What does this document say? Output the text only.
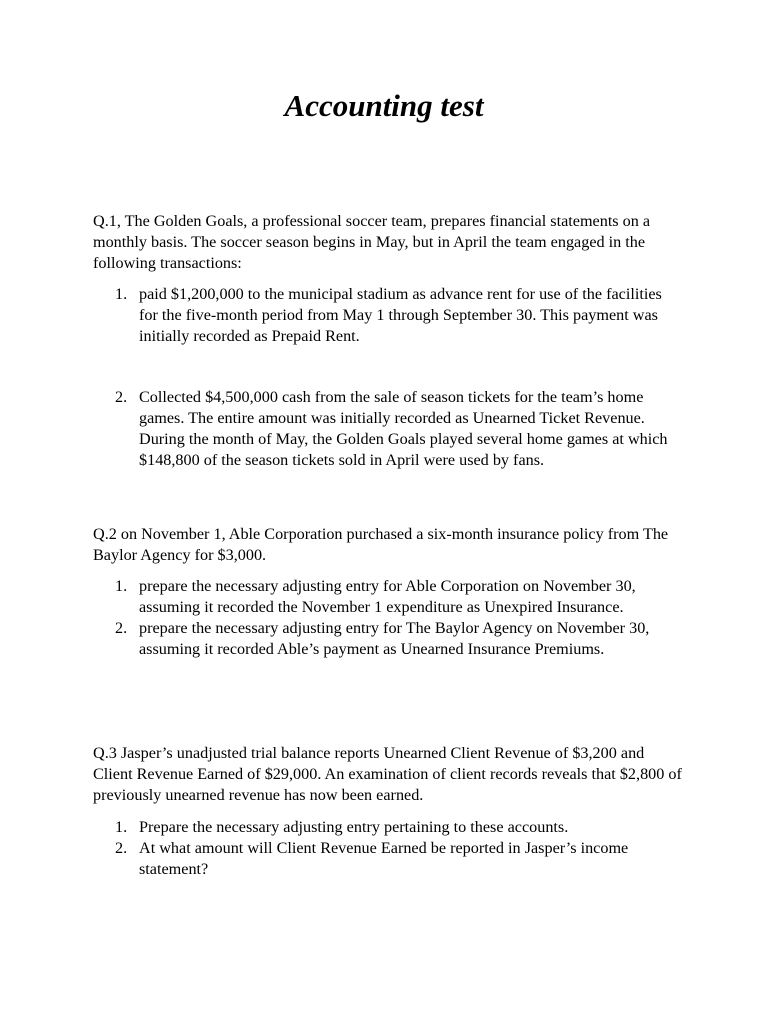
Accounting test

Q.1, The Golden Goals, a professional soccer team, prepares financial statements on a monthly basis. The soccer season begins in May, but in April the team engaged in the following transactions:

1. paid $1,200,000 to the municipal stadium as advance rent for use of the facilities for the five-month period from May 1 through September 30. This payment was initially recorded as Prepaid Rent.
2. Collected $4,500,000 cash from the sale of season tickets for the team’s home games. The entire amount was initially recorded as Unearned Ticket Revenue. During the month of May, the Golden Goals played several home games at which $148,800 of the season tickets sold in April were used by fans.

Q.2 on November 1, Able Corporation purchased a six-month insurance policy from The Baylor Agency for $3,000.

1. prepare the necessary adjusting entry for Able Corporation on November 30, assuming it recorded the November 1 expenditure as Unexpired Insurance.
2. prepare the necessary adjusting entry for The Baylor Agency on November 30, assuming it recorded Able’s payment as Unearned Insurance Premiums.

Q.3 Jasper’s unadjusted trial balance reports Unearned Client Revenue of $3,200 and Client Revenue Earned of $29,000. An examination of client records reveals that $2,800 of previously unearned revenue has now been earned.

1. Prepare the necessary adjusting entry pertaining to these accounts.
2. At what amount will Client Revenue Earned be reported in Jasper’s income statement?
